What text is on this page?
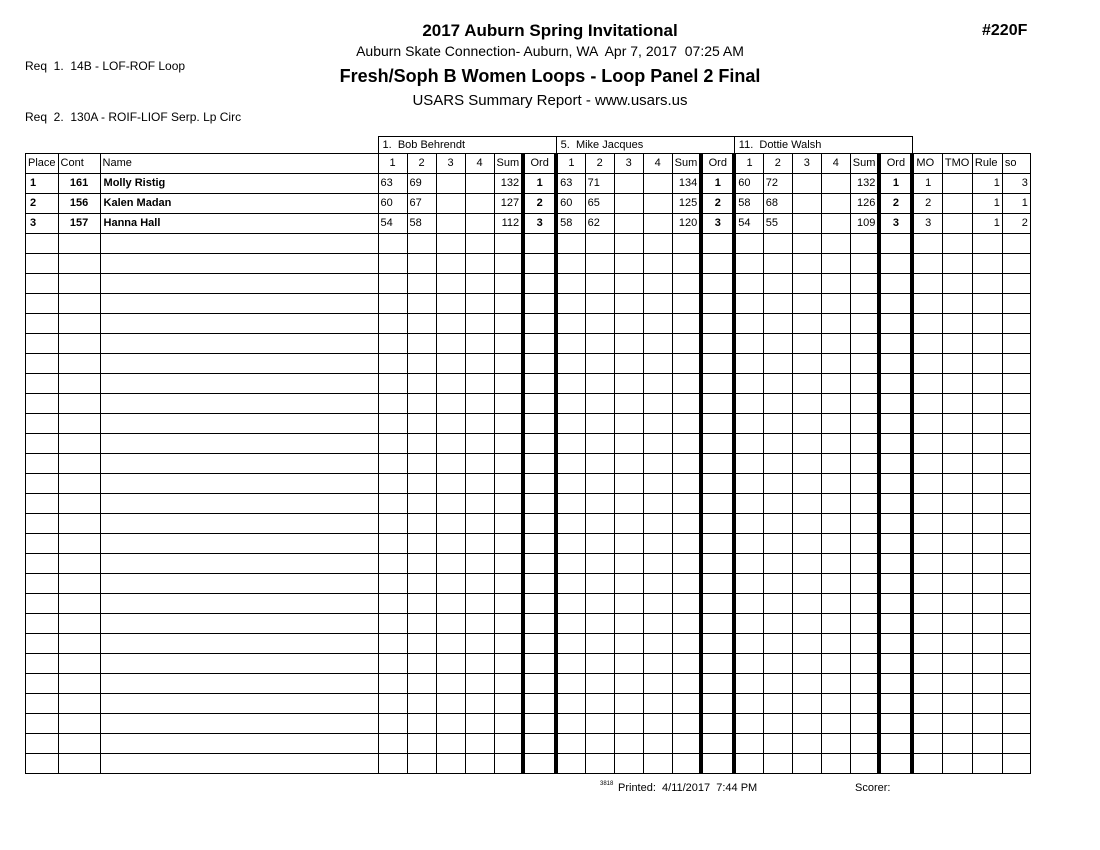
Req  1.  14B - LOF-ROF Loop

Req  2.  130A - ROIF-LIOF Serp. Lp Circ

2017 Auburn Spring Invitational
Auburn Skate Connection- Auburn, WA  Apr 7, 2017  07:25 AM
Fresh/Soph B Women Loops - Loop Panel 2 Final
USARS Summary Report - www.usars.us
#220F
			1.  Bob Behrendt						5.  Mike Jacques						11.  Dottie Walsh									
Place	Cont	Name	1	2	3	4	Sum	Ord	1	2	3	4	Sum	Ord	1	2	3	4	Sum	Ord	MO	TMO	Rule	so
1	161	Molly Ristig	63	69			132	1	63	71			134	1	60	72			132	1	1		1	3
2	156	Kalen Madan	60	67			127	2	60	65			125	2	58	68			126	2	2		1	1
3	157	Hanna Hall	54	58			112	3	58	62			120	3	54	55			109	3	3		1	2

3818 Printed:  4/11/2017  7:44 PM	Scorer:
